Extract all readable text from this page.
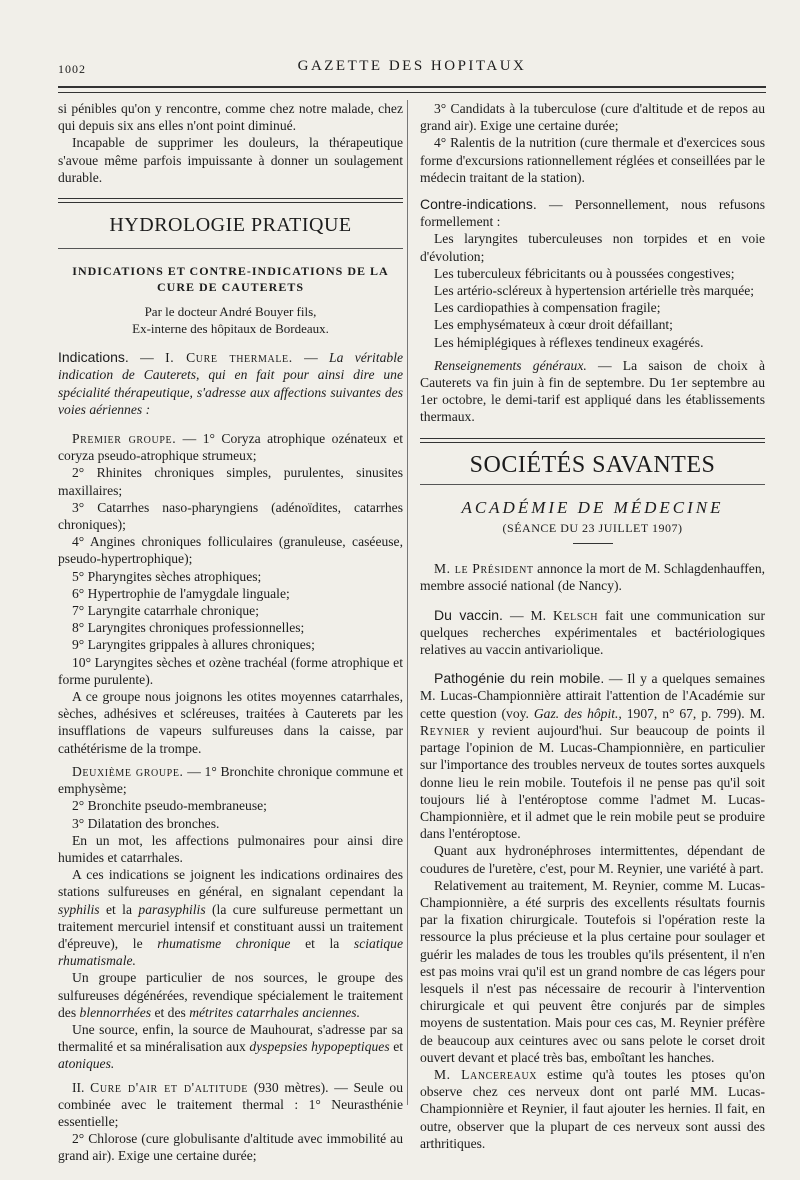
1002	GAZETTE DES HOPITAUX

si pénibles qu'on y rencontre, comme chez notre malade, chez qui depuis six ans elles n'ont point diminué.

Incapable de supprimer les douleurs, la thérapeutique s'avoue même parfois impuissante à donner un soulagement durable.

HYDROLOGIE PRATIQUE
INDICATIONS ET CONTRE-INDICATIONS DE LA CURE DE CAUTERETS
Par le docteur André Bouyer fils,
Ex-interne des hôpitaux de Bordeaux.

Indications. — I. Cure thermale. — La véritable indication de Cauterets, qui en fait pour ainsi dire une spécialité thérapeutique, s'adresse aux affections suivantes des voies aériennes :

Premier groupe. — 1° Coryza atrophique ozénateux et coryza pseudo-atrophique strumeux;

2° Rhinites chroniques simples, purulentes, sinusites maxillaires;

3° Catarrhes naso-pharyngiens (adénoïdites, catarrhes chroniques);

4° Angines chroniques folliculaires (granuleuse, caséeuse, pseudo-hypertrophique);

5° Pharyngites sèches atrophiques;

6° Hypertrophie de l'amygdale linguale;

7° Laryngite catarrhale chronique;

8° Laryngites chroniques professionnelles;

9° Laryngites grippales à allures chroniques;

10° Laryngites sèches et ozène trachéal (forme atrophique et forme purulente).

A ce groupe nous joignons les otites moyennes catarrhales, sèches, adhésives et scléreuses, traitées à Cauterets par les insufflations de vapeurs sulfureuses dans la caisse, par cathétérisme de la trompe.

Deuxième groupe. — 1° Bronchite chronique commune et emphysème;

2° Bronchite pseudo-membraneuse;

3° Dilatation des bronches.

En un mot, les affections pulmonaires pour ainsi dire humides et catarrhales.

A ces indications se joignent les indications ordinaires des stations sulfureuses en général, en signalant cependant la syphilis et la parasyphilis (la cure sulfureuse permettant un traitement mercuriel intensif et constituant aussi un traitement d'épreuve), le rhumatisme chronique et la sciatique rhumatismale.

Un groupe particulier de nos sources, le groupe des sulfureuses dégénérées, revendique spécialement le traitement des blennorrhées et des métrites catarrhales anciennes.

Une source, enfin, la source de Mauhourat, s'adresse par sa thermalité et sa minéralisation aux dyspepsies hypopeptiques et atoniques.

II. Cure d'air et d'altitude (930 mètres). — Seule ou combinée avec le traitement thermal : 1° Neurasthénie essentielle;

2° Chlorose (cure globulisante d'altitude avec immobilité au grand air). Exige une certaine durée;

3° Candidats à la tuberculose (cure d'altitude et de repos au grand air). Exige une certaine durée;

4° Ralentis de la nutrition (cure thermale et d'exercices sous forme d'excursions rationnellement réglées et conseillées par le médecin traitant de la station).

Contre-indications. — Personnellement, nous refusons formellement :

Les laryngites tuberculeuses non torpides et en voie d'évolution;

Les tuberculeux fébricitants ou à poussées congestives;

Les artério-scléreux à hypertension artérielle très marquée;

Les cardiopathies à compensation fragile;

Les emphysémateux à cœur droit défaillant;

Les hémiplégiques à réflexes tendineux exagérés.

Renseignements généraux. — La saison de choix à Cauterets va fin juin à fin de septembre. Du 1er septembre au 1er octobre, le demi-tarif est appliqué dans les établissements thermaux.

SOCIÉTÉS SAVANTES
ACADÉMIE DE MÉDECINE
(SÉANCE DU 23 JUILLET 1907)

M. le Président annonce la mort de M. Schlagdenhauffen, membre associé national (de Nancy).

Du vaccin. — M. Kelsch fait une communication sur quelques recherches expérimentales et bactériologiques relatives au vaccin antivariolique.

Pathogénie du rein mobile. — Il y a quelques semaines M. Lucas-Championnière attirait l'attention de l'Académie sur cette question (voy. Gaz. des hôpit., 1907, n° 67, p. 799). M. Reynier y revient aujourd'hui. Sur beaucoup de points il partage l'opinion de M. Lucas-Championnière, en particulier sur l'importance des troubles nerveux de toutes sortes auxquels donne lieu le rein mobile. Toutefois il ne pense pas qu'il soit toujours lié à l'entéroptose comme l'admet M. Lucas-Championnière, et il admet que le rein mobile peut se produire dans l'entéroptose.

Quant aux hydronéphroses intermittentes, dépendant de coudures de l'uretère, c'est, pour M. Reynier, une variété à part.

Relativement au traitement, M. Reynier, comme M. Lucas-Championnière, a été surpris des excellents résultats fournis par la fixation chirurgicale. Toutefois si l'opération reste la ressource la plus précieuse et la plus certaine pour soulager et guérir les malades de tous les troubles qu'ils présentent, il n'en est pas moins vrai qu'il est un grand nombre de cas légers pour lesquels il n'est pas nécessaire de recourir à l'intervention chirurgicale et qui peuvent être conjurés par de simples moyens de sustentation. Mais pour ces cas, M. Reynier préfère de beaucoup aux ceintures avec ou sans pelote le corset droit ouvert devant et placé très bas, emboîtant les hanches.

M. Lancereaux estime qu'à toutes les ptoses qu'on observe chez ces nerveux dont ont parlé MM. Lucas-Championnière et Reynier, il faut ajouter les hernies. Il fait, en outre, observer que la plupart de ces nerveux sont aussi des arthritiques.
